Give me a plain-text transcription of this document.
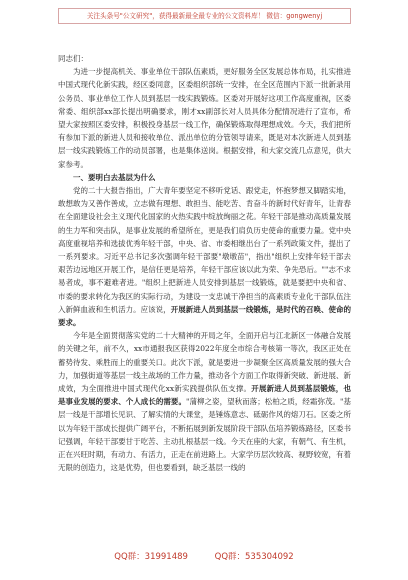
关注头条号"公文研究"，获得最新最全最专业的公文资料库！ 微信：gongwenyj

同志们：

为进一步提高机关、事业单位干部队伍素质，更好服务全区发展总体布局，扎实推进中国式现代化新实践，经区委同意，区委组织部统一安排，在全区范围内下派一批新录用公务员、事业单位工作人员到基层一线实践锻炼。区委对开展好这项工作高度重视，区委常委、组织部xx部长提出明确要求，刚才xx副部长对人员具体分配情况进行了宣布，希望大家按照区委安排，积极投身基层一线工作，确保锻炼取得理想成效。今天，我们把所有参加下派的新进人员和接收单位、派出单位的分管领导请来，既是对本次新进人员到基层一线实践锻炼工作的动员部署，也是集体送岗。根据安排，和大家交流几点意见，供大家参考。

一、要明白去基层为什么

党的二十大报告指出，广大青年要坚定不移听党话、跟党走，怀抱梦想又脚踏实地，敢想敢为又善作善成，立志做有理想、敢担当、能吃苦、肯奋斗的新时代好青年，让青春在全面建设社会主义现代化国家的火热实践中绽放绚丽之花。年轻干部是推动高质量发展的生力军和突击队，是事业发展的希望所在，更是我们肩负历史使命的重要力量。党中央高度重视培养和选拔优秀年轻干部，中央、省、市委相继出台了一系列政策文件，提出了一系列要求。习近平总书记多次强调年轻干部要"墩墩苗"，指出"组织上安排年轻干部去艰苦边远地区开展工作，是信任更是培养，年轻干部应该以此为荣、争先恐后。""志不求易者成，事不避难者进。"组织上把新进人员安排到基层一线锻炼，就是要把中央和省、市委的要求转化为我区的实际行动，为建设一支忠诚干净担当的高素质专业化干部队伍注入新鲜血液和生机活力。应该说，开展新进人员到基层一线锻炼，是时代的召唤、使命的要求。

今年是全面贯彻落实党的二十大精神的开局之年，全面开启与江北新区一体融合发展的关键之年，前不久，xx市通报我区获得2022年度全市综合考核第一等次，我区正处在蓄势待发、乘胜而上的重要关口。此次下派，就是要进一步凝聚全区高质量发展的强大合力，加强街道等基层一线主战场的工作力量，推动各个方面工作取得新突破、新进展、新成效，为全面推进中国式现代化xx新实践提供队伍支撑。开展新进人员到基层锻炼，也是事业发展的要求、个人成长的需要。"蒲柳之姿，望秋而落；松柏之质，经霜弥茂。"基层一线是干部增长见识、了解实情的大课堂，是锤炼意志、砥砺作风的熔刀石。区委之所以为年轻干部成长提供广阔平台，不断拓展到新发展阶段干部队伍培养锻炼路径，区委书记强调，年轻干部要甘于吃苦、主动扎根基层一线。今天在座的大家，有朝气、有生机，正在兴旺时期，有动力、有活力，正走在前进路上。大家学历层次较高、视野较宽，有着无限的创造力，这是优势，但也要看到，缺乏基层一线的

QQ群：31991489	QQ群：535304092
